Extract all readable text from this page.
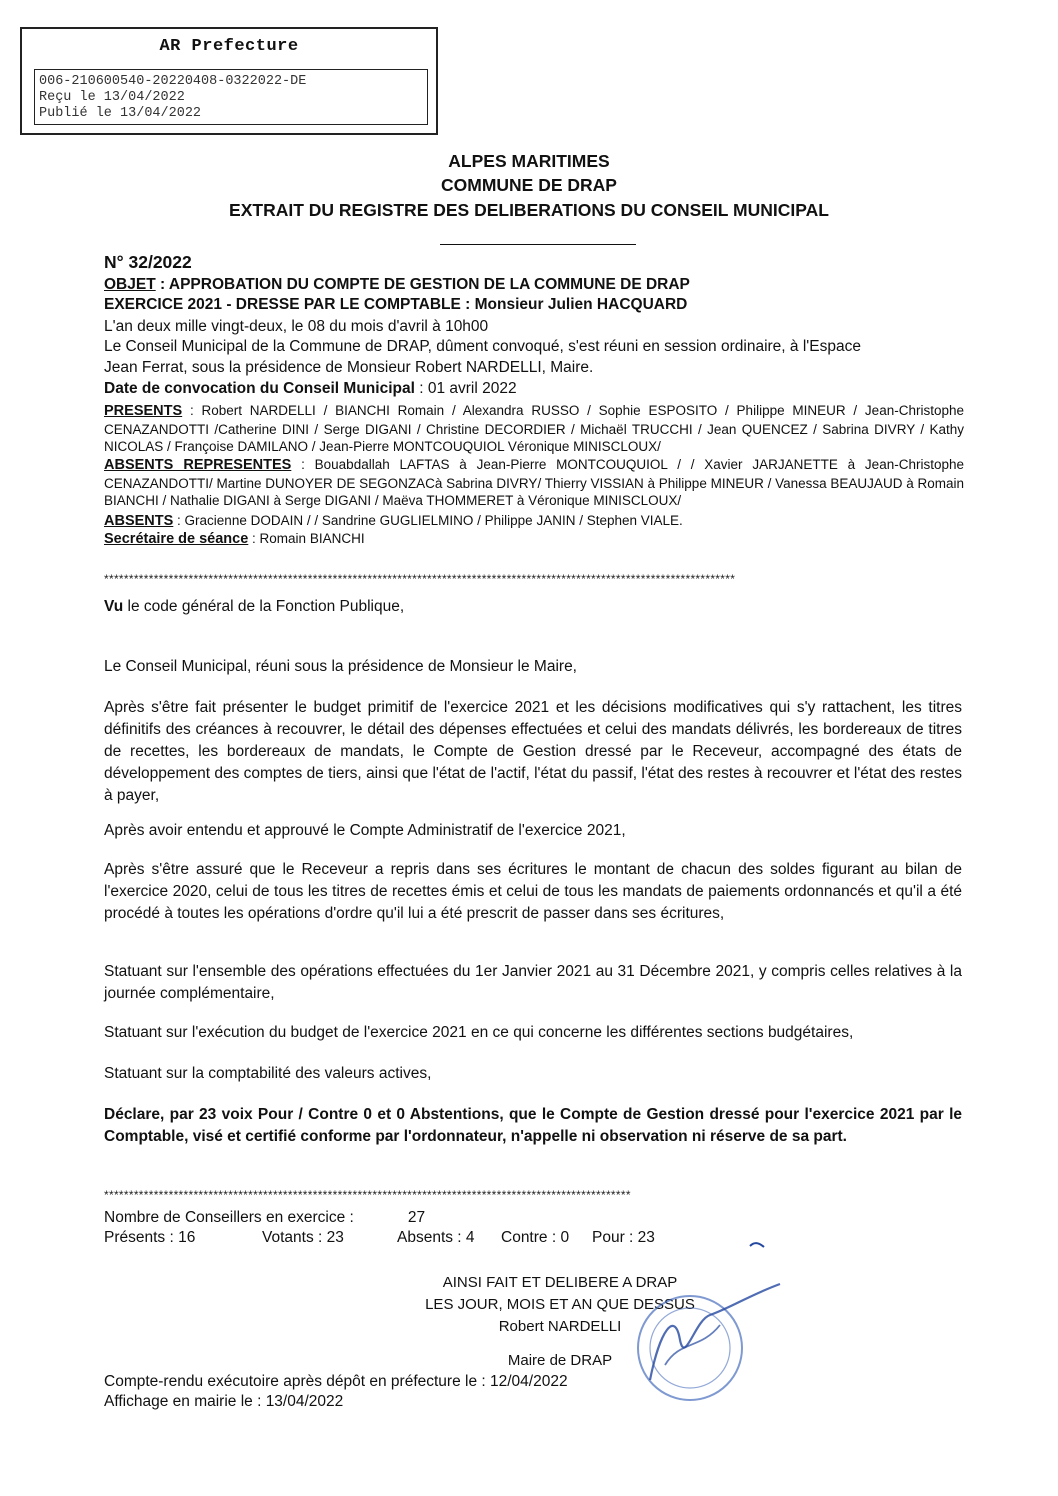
AR Prefecture
006-210600540-20220408-0322022-DE
Reçu le 13/04/2022
Publié le 13/04/2022
ALPES MARITIMES
COMMUNE DE DRAP
EXTRAIT DU REGISTRE DES DELIBERATIONS DU CONSEIL MUNICIPAL
N° 32/2022
OBJET : APPROBATION DU COMPTE DE GESTION DE LA COMMUNE DE DRAP
EXERCICE 2021 - DRESSE PAR LE COMPTABLE : Monsieur Julien HACQUARD
L'an deux mille vingt-deux, le 08 du mois d'avril à 10h00
Le Conseil Municipal de la Commune de DRAP, dûment convoqué, s'est réuni en session ordinaire, à l'Espace
Jean Ferrat, sous la présidence de Monsieur Robert NARDELLI, Maire.
Date de convocation du Conseil Municipal : 01 avril 2022
PRESENTS : Robert NARDELLI / BIANCHI Romain / Alexandra RUSSO / Sophie ESPOSITO / Philippe MINEUR / Jean-Christophe CENAZANDOTTI /Catherine DINI / Serge DIGANI / Christine DECORDIER / Michaël TRUCCHI / Jean QUENCEZ / Sabrina DIVRY / Kathy NICOLAS / Françoise DAMILANO / Jean-Pierre MONTCOUQUIOL Véronique MINISCLOUX/
ABSENTS REPRESENTES : Bouabdallah LAFTAS à Jean-Pierre MONTCOUQUIOL / / Xavier JARJANETTE à Jean-Christophe CENAZANDOTTI/ Martine DUNOYER DE SEGONZACà Sabrina DIVRY/ Thierry VISSIAN à Philippe MINEUR / Vanessa BEAUJAUD à Romain BIANCHI / Nathalie DIGANI à Serge DIGANI / Maëva THOMMERET à Véronique MINISCLOUX/
ABSENTS : Gracienne DODAIN / / Sandrine GUGLIELMINO / Philippe JANIN / Stephen VIALE.
Secrétaire de séance : Romain BIANCHI
*******************************************************************************************************************************
Vu le code général de la Fonction Publique,
Le Conseil Municipal, réuni sous la présidence de Monsieur le Maire,
Après s'être fait présenter le budget primitif de l'exercice 2021 et les décisions modificatives qui s'y rattachent, les titres définitifs des créances à recouvrer, le détail des dépenses effectuées et celui des mandats délivrés, les bordereaux de titres de recettes, les bordereaux de mandats, le Compte de Gestion dressé par le Receveur, accompagné des états de développement des comptes de tiers, ainsi que l'état de l'actif, l'état du passif, l'état des restes à recouvrer et l'état des restes à payer,
Après avoir entendu et approuvé le Compte Administratif de l'exercice 2021,
Après s'être assuré que le Receveur a repris dans ses écritures le montant de chacun des soldes figurant au bilan de l'exercice 2020, celui de tous les titres de recettes émis et celui de tous les mandats de paiements ordonnancés et qu'il a été procédé à toutes les opérations d'ordre qu'il lui a été prescrit de passer dans ses écritures,
Statuant sur l'ensemble des opérations effectuées du 1er Janvier 2021 au 31 Décembre 2021, y compris celles relatives à la journée complémentaire,
Statuant sur l'exécution du budget de l'exercice 2021 en ce qui concerne les différentes sections budgétaires,
Statuant sur la comptabilité des valeurs actives,
Déclare, par 23 voix Pour / Contre 0 et 0 Abstentions, que le Compte de Gestion dressé pour l'exercice 2021 par le Comptable, visé et certifié conforme par l'ordonnateur, n'appelle ni observation ni réserve de sa part.
**********************************************************************************************************
Nombre de Conseillers en exercice :	27
Présents : 16	Votants : 23	Absents : 4 Contre : 0 Pour : 23
AINSI FAIT ET DELIBERE A DRAP
LES JOUR, MOIS ET AN QUE DESSUS
Robert NARDELLI
Maire de DRAP
Compte-rendu exécutoire après dépôt en préfecture le : 12/04/2022
Affichage en mairie le : 13/04/2022
